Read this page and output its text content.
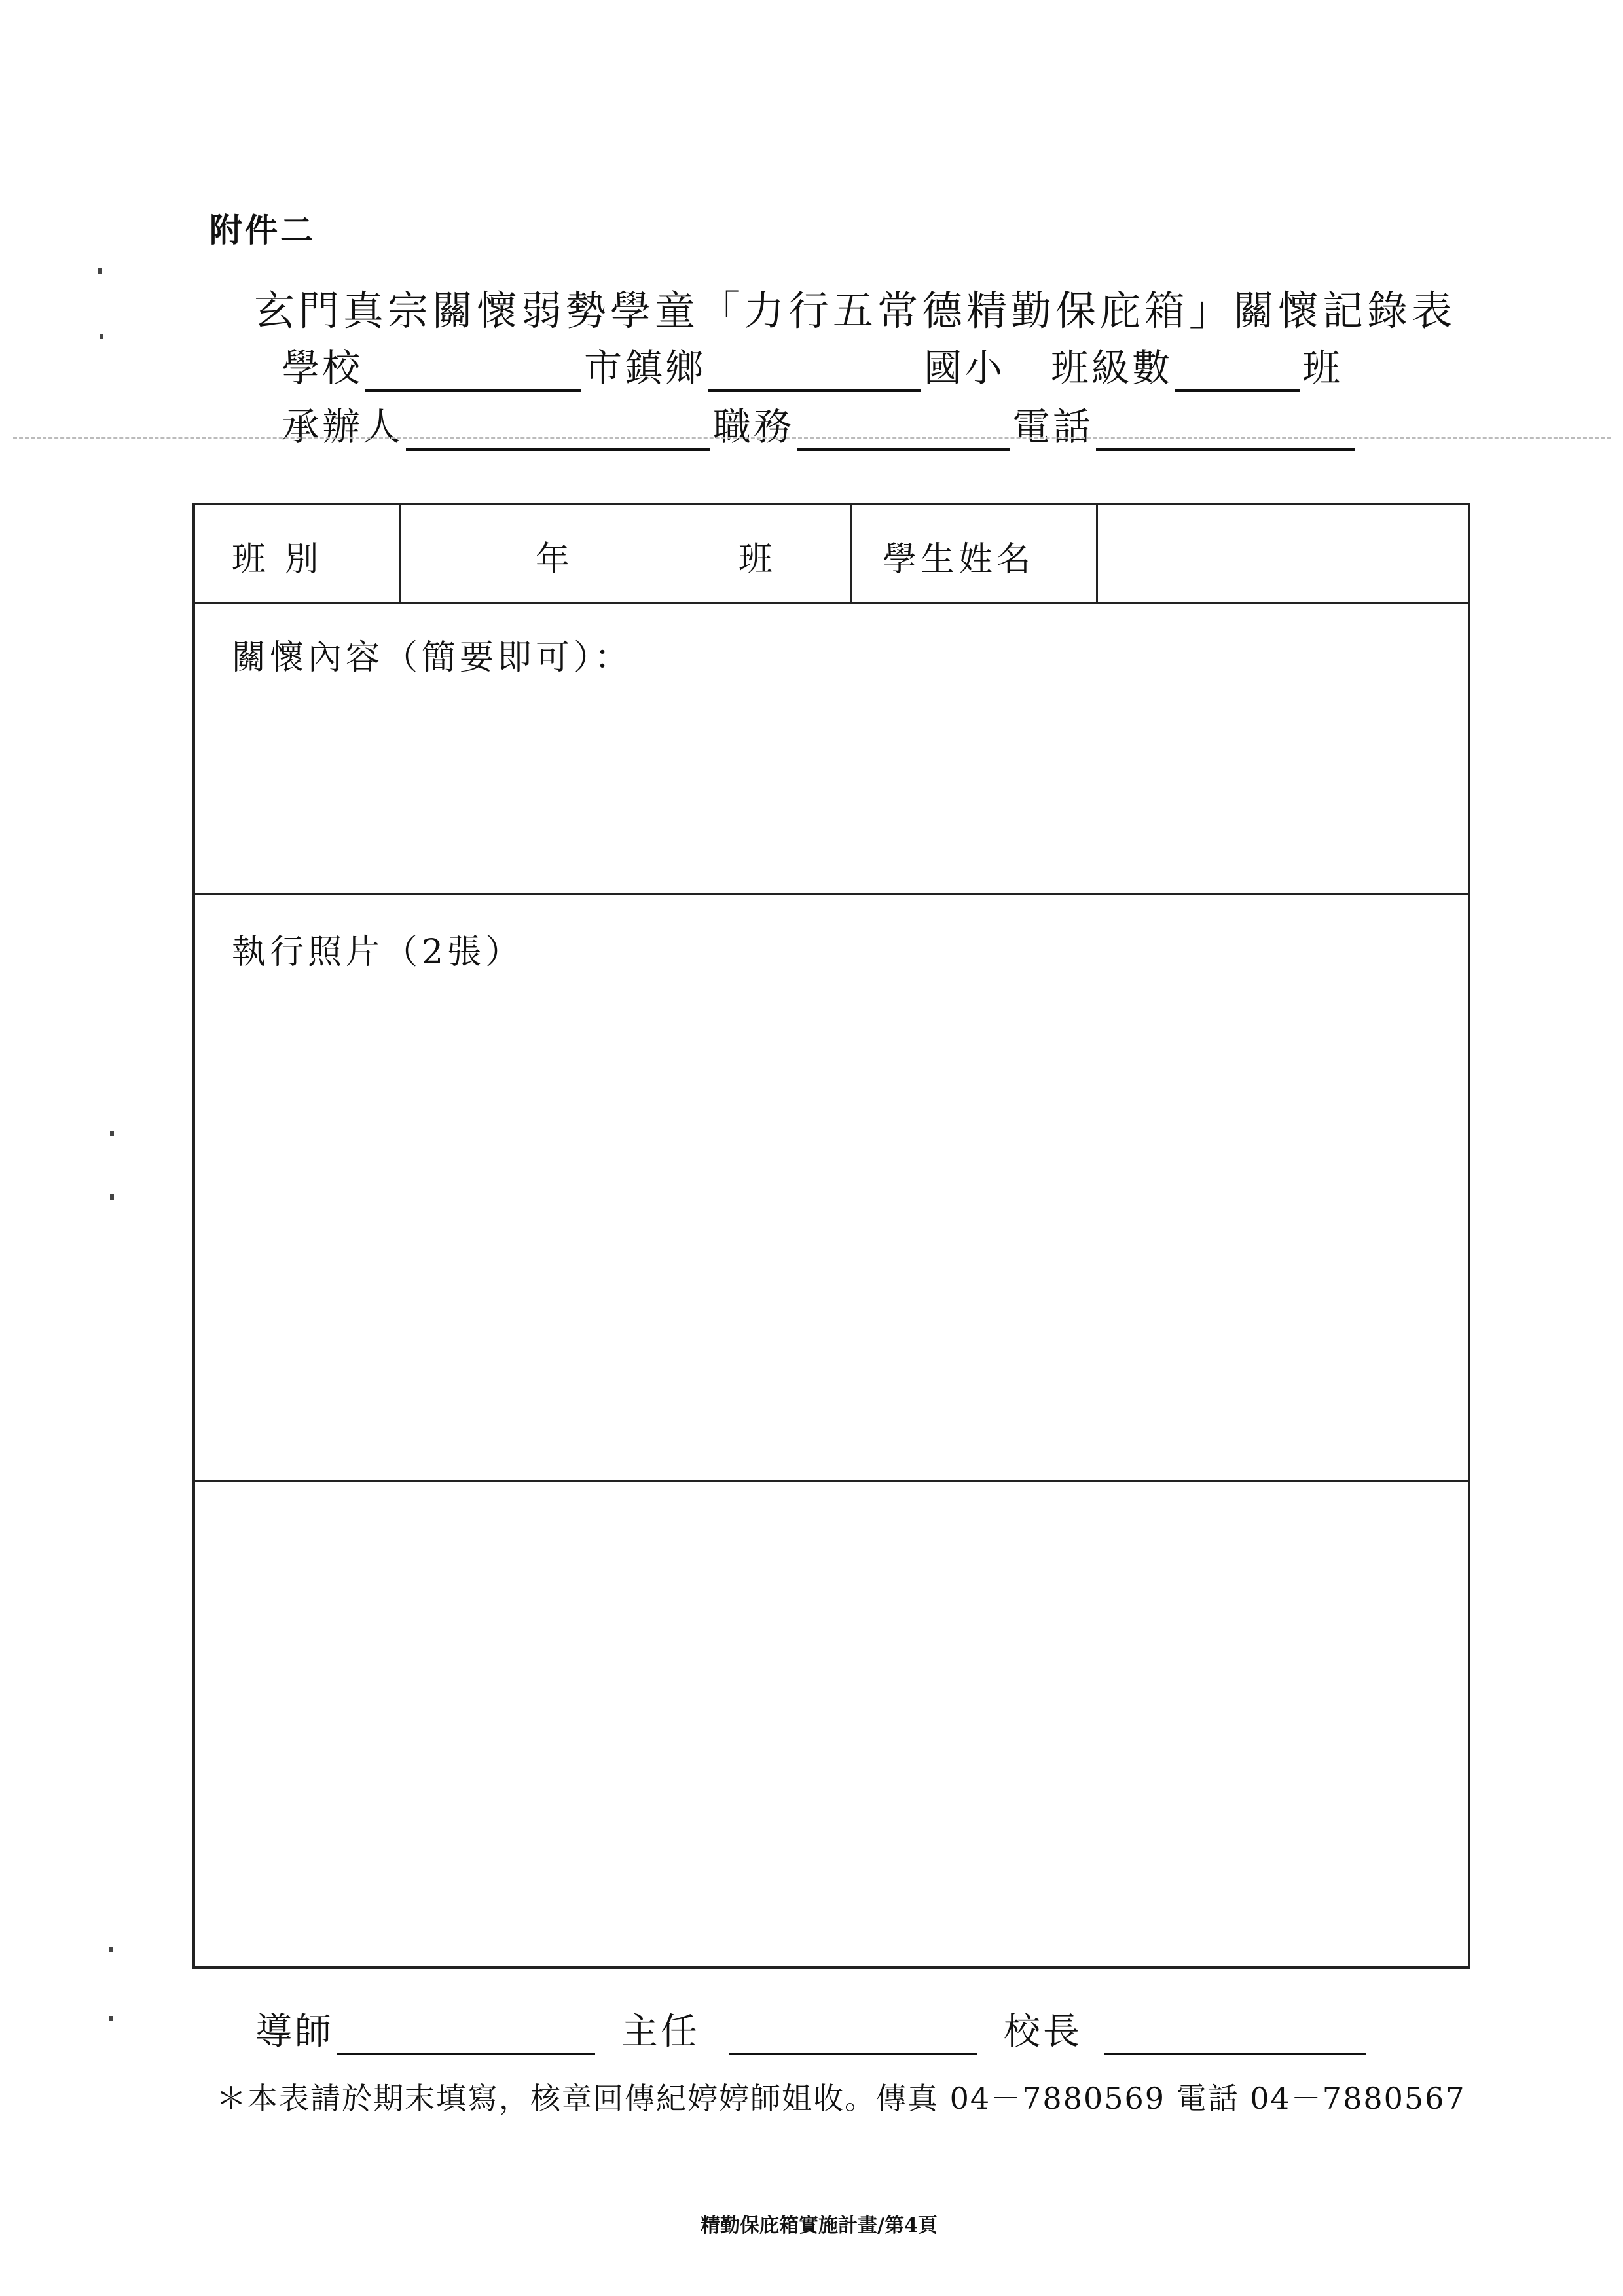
附件二
玄門真宗關懷弱勢學童「力行五常德精勤保庇箱」關懷記錄表
學校	市鎮鄉	國小 班級數	班
承辦人	職務	電話
班 別	年	班	學生姓名
關懷內容（簡要即可）：
執行照片（2張）
導師	主任	校長
＊本表請於期末填寫，核章回傳紀婷婷師姐收。傳真 04－7880569 電話 04－7880567
精勤保庇箱實施計畫/第4頁
